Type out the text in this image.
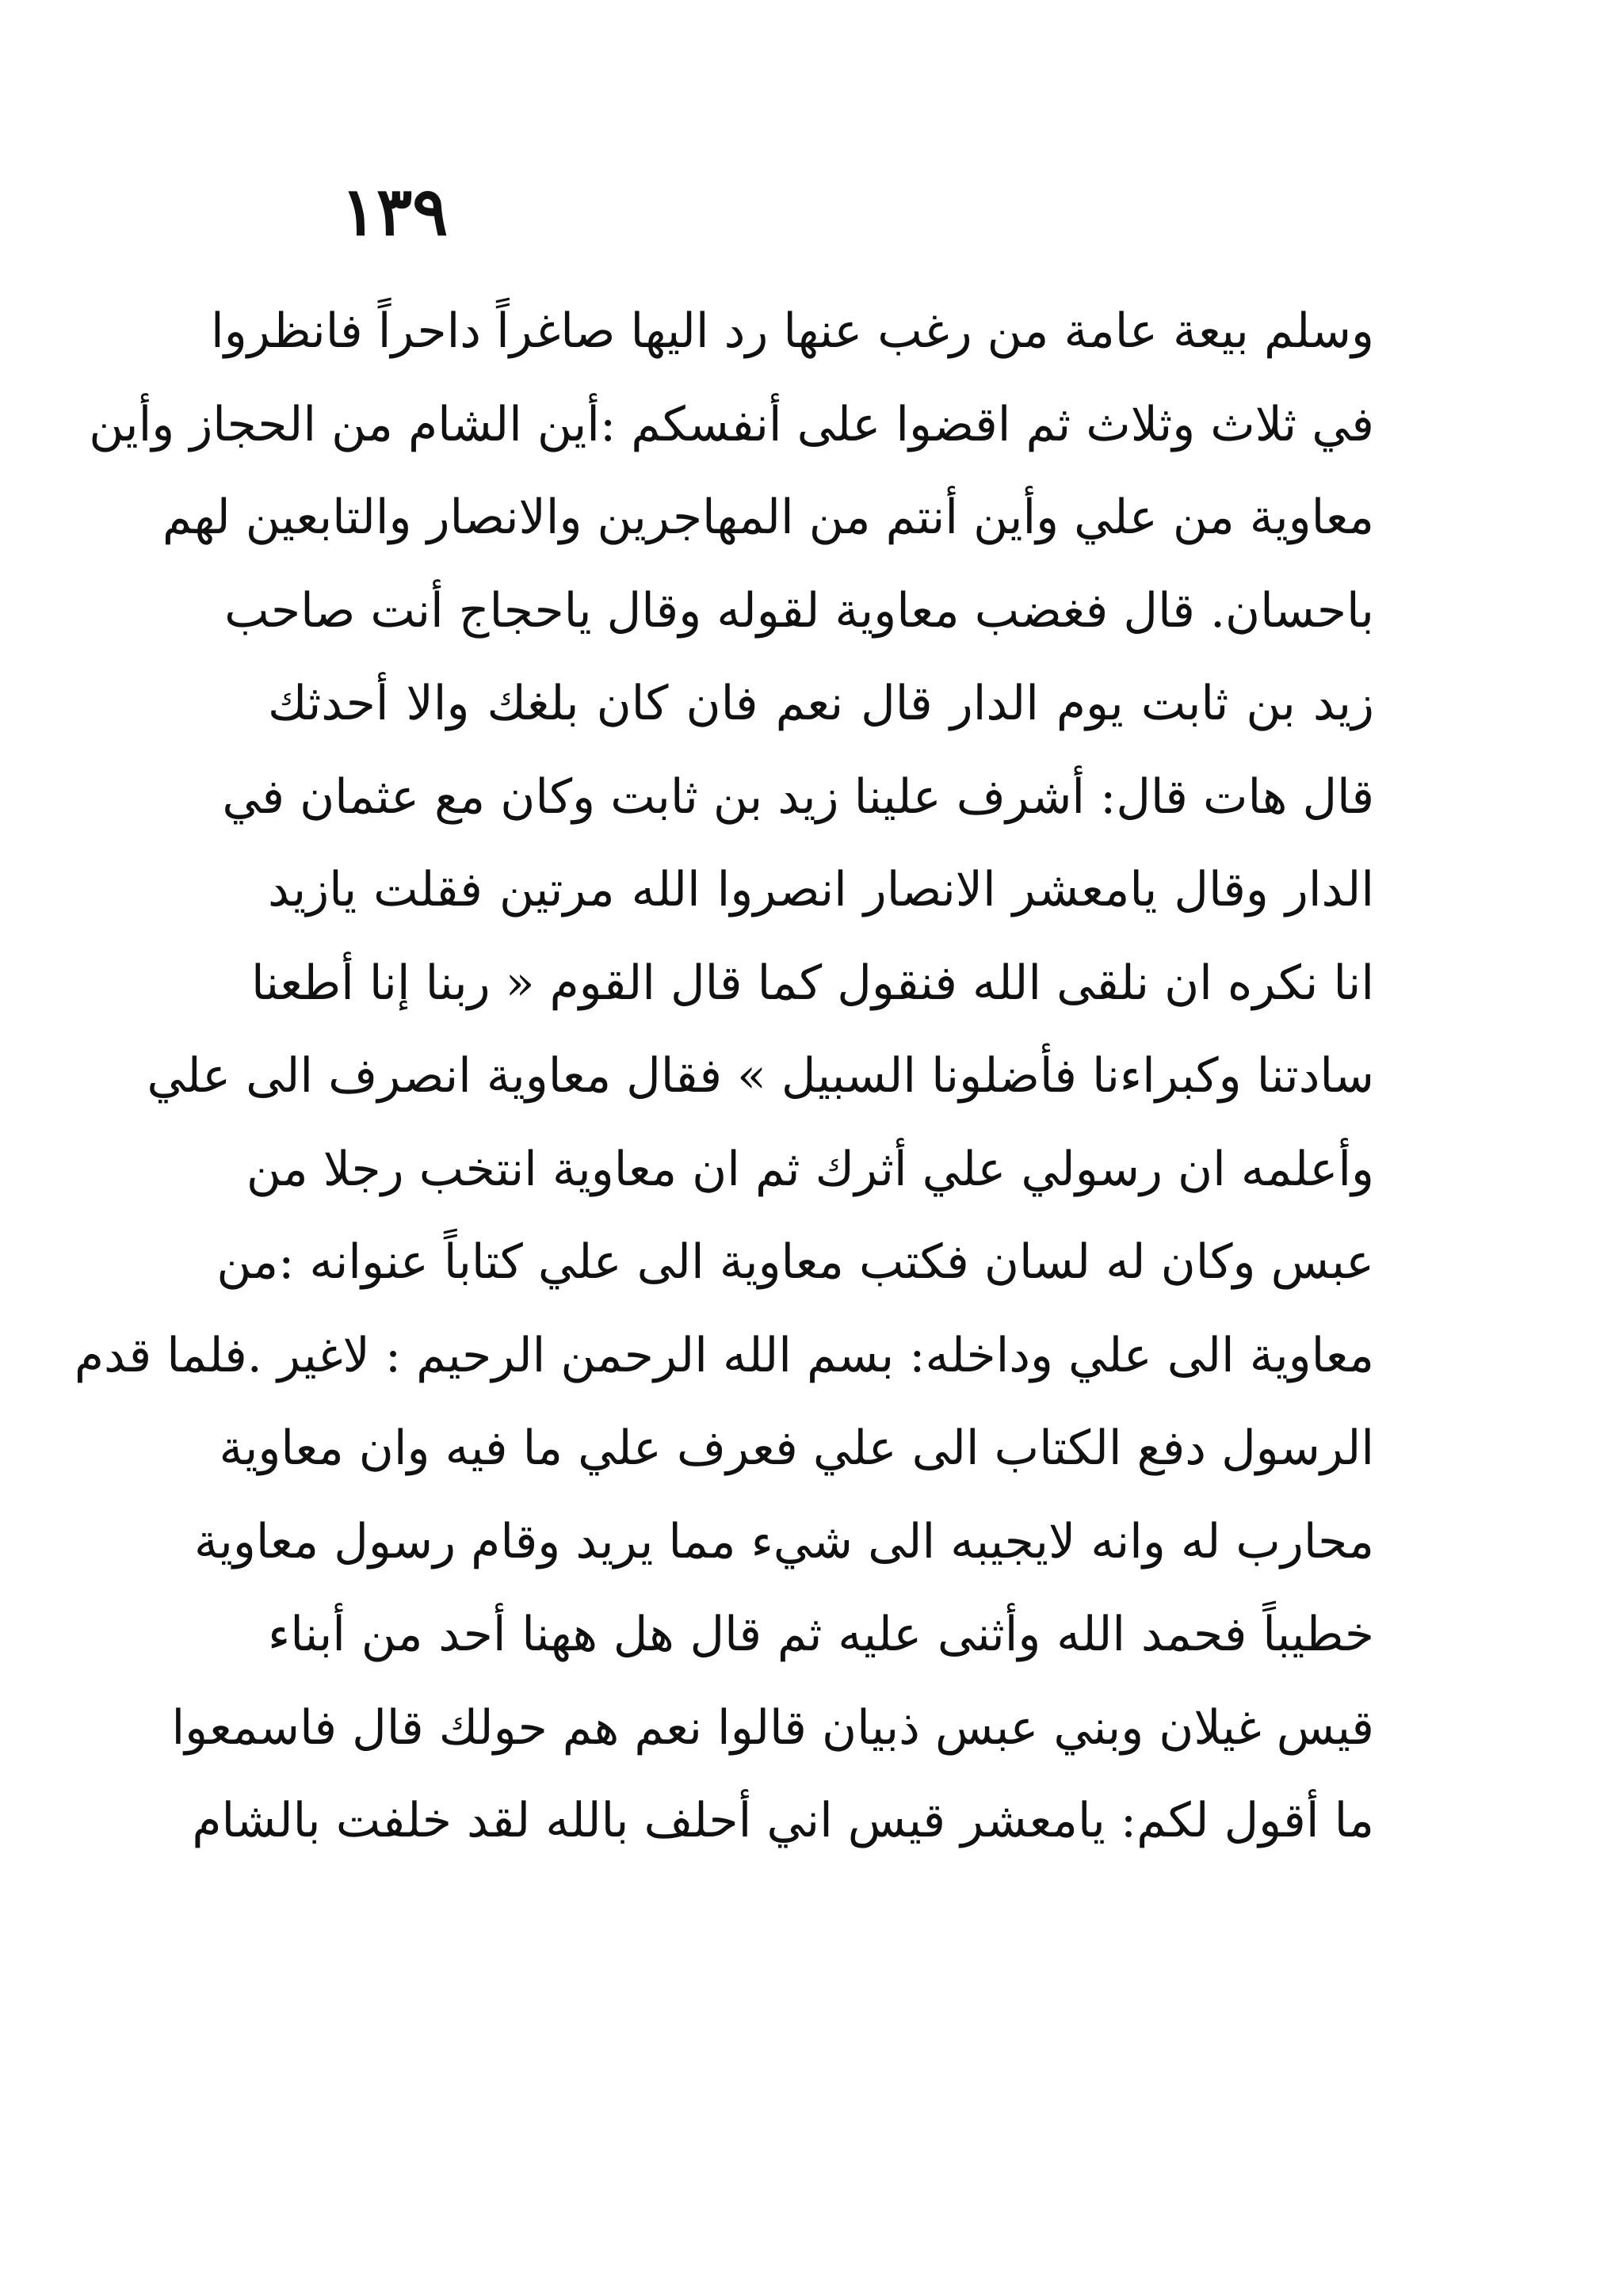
١٣٩
وسلم بيعة عامة من رغب عنها رد اليها صاغراً داحراً فانظروا
في ثلاث وثلاث ثم اقضوا على أنفسكم :أين الشام من الحجاز وأين
معاوية من علي وأين أنتم من المهاجرين والانصار والتابعين لهم
باحسان. قال فغضب معاوية لقوله وقال ياحجاج أنت صاحب
زيد بن ثابت يوم الدار قال نعم فان كان بلغك والا أحدثك
قال هات قال: أشرف علينا زيد بن ثابت وكان مع عثمان في
الدار وقال يامعشر الانصار انصروا الله مرتين فقلت يازيد
انا نكره ان نلقى الله فنقول كما قال القوم « ربنا إنا أطعنا
سادتنا وكبراءنا فأضلونا السبيل » فقال معاوية انصرف الى علي
وأعلمه ان رسولي علي أثرك ثم ان معاوية انتخب رجلا من
عبس وكان له لسان فكتب معاوية الى علي كتاباً عنوانه :من
معاوية الى علي وداخله: بسم الله الرحمن الرحيم : لاغير .فلما قدم
الرسول دفع الكتاب الى علي فعرف علي ما فيه وان معاوية
محارب له وانه لايجيبه الى شيء مما يريد وقام رسول معاوية
خطيباً فحمد الله وأثنى عليه ثم قال هل ههنا أحد من أبناء
قيس غيلان وبني عبس ذبيان قالوا نعم هم حولك قال فاسمعوا
ما أقول لكم: يامعشر قيس اني أحلف بالله لقد خلفت بالشام
